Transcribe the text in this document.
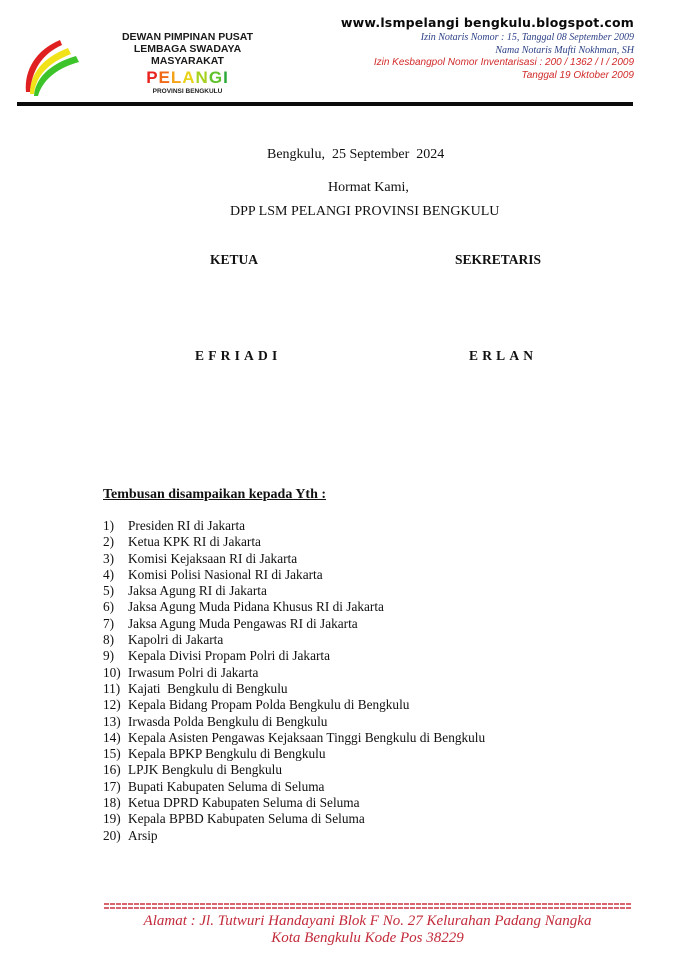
DEWAN PIMPINAN PUSAT
LEMBAGA SWADAYA MASYARAKAT
PELANGI
PROVINSI BENGKULU
www.lsmpelangi bengkulu.blogspot.com
Izin Notaris Nomor : 15, Tanggal 08 September 2009
Nama Notaris Mufti Nokhman, SH
Izin Kesbangpol Nomor Inventarisasi : 200 / 1362 / I / 2009
Tanggal 19 Oktober 2009
Bengkulu,  25 September  2024
Hormat Kami,
DPP LSM PELANGI PROVINSI BENGKULU
KETUA	SEKRETARIS
EFRIADI	ERLAN
Tembusan disampaikan kepada Yth :
1) Presiden RI di Jakarta
2) Ketua KPK RI di Jakarta
3) Komisi Kejaksaan RI di Jakarta
4) Komisi Polisi Nasional RI di Jakarta
5) Jaksa Agung RI di Jakarta
6) Jaksa Agung Muda Pidana Khusus RI di Jakarta
7) Jaksa Agung Muda Pengawas RI di Jakarta
8) Kapolri di Jakarta
9) Kepala Divisi Propam Polri di Jakarta
10) Irwasum Polri di Jakarta
11) Kajati  Bengkulu di Bengkulu
12) Kepala Bidang Propam Polda Bengkulu di Bengkulu
13) Irwasda Polda Bengkulu di Bengkulu
14) Kepala Asisten Pengawas Kejaksaan Tinggi Bengkulu di Bengkulu
15) Kepala BPKP Bengkulu di Bengkulu
16) LPJK Bengkulu di Bengkulu
17) Bupati Kabupaten Seluma di Seluma
18) Ketua DPRD Kabupaten Seluma di Seluma
19) Kepala BPBD Kabupaten Seluma di Seluma
20) Arsip
Alamat : Jl. Tutwuri Handayani Blok F No. 27 Kelurahan Padang Nangka
Kota Bengkulu Kode Pos 38229
